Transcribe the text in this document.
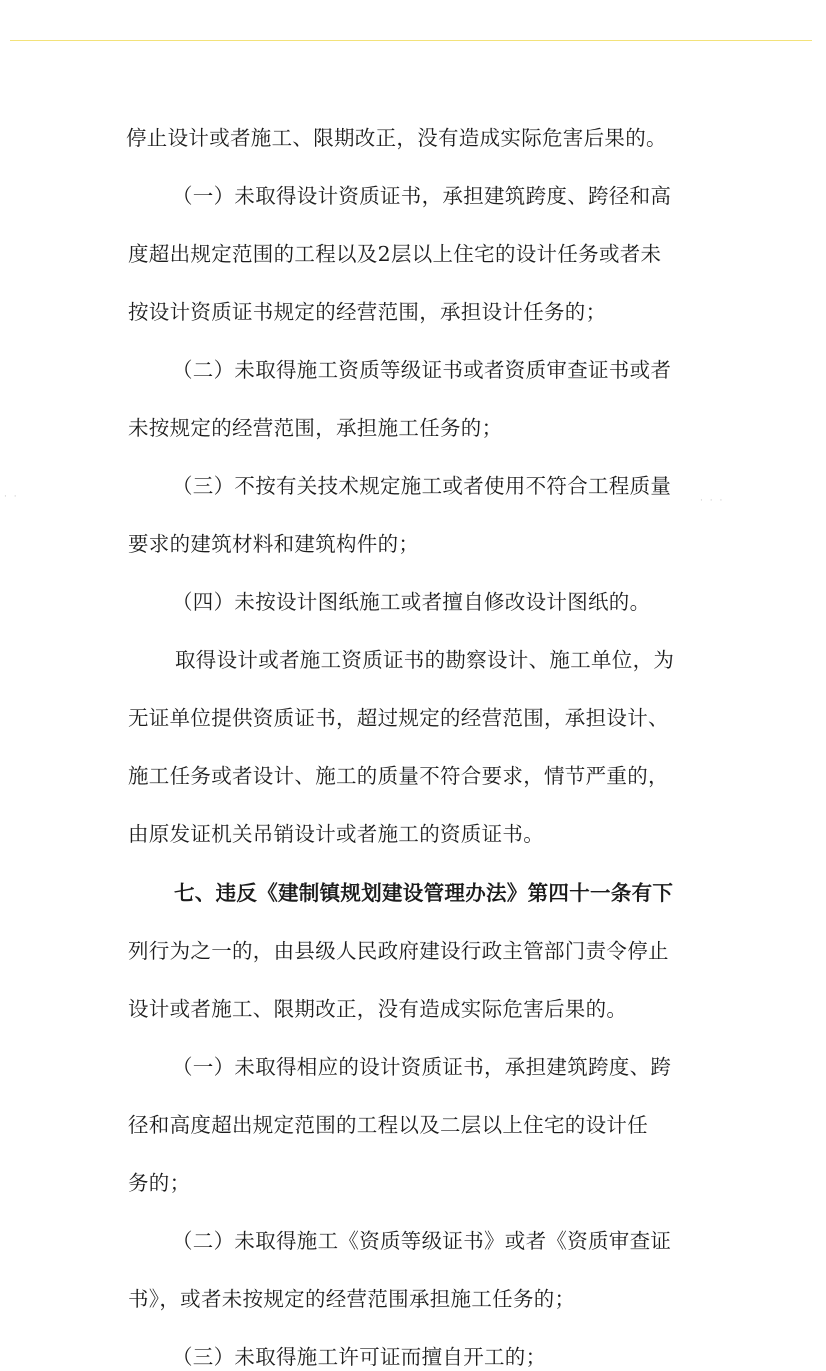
· ·	· · ·

停止设计或者施工、限期改正，没有造成实际危害后果的。

（一）未取得设计资质证书，承担建筑跨度、跨径和高

度超出规定范围的工程以及2层以上住宅的设计任务或者未

按设计资质证书规定的经营范围，承担设计任务的；

（二）未取得施工资质等级证书或者资质审查证书或者

未按规定的经营范围，承担施工任务的；

（三）不按有关技术规定施工或者使用不符合工程质量

要求的建筑材料和建筑构件的；

（四）未按设计图纸施工或者擅自修改设计图纸的。

取得设计或者施工资质证书的勘察设计、施工单位，为

无证单位提供资质证书，超过规定的经营范围，承担设计、

施工任务或者设计、施工的质量不符合要求，情节严重的，

由原发证机关吊销设计或者施工的资质证书。

七、违反《建制镇规划建设管理办法》第四十一条有下

列行为之一的，由县级人民政府建设行政主管部门责令停止

设计或者施工、限期改正，没有造成实际危害后果的。

（一）未取得相应的设计资质证书，承担建筑跨度、跨

径和高度超出规定范围的工程以及二层以上住宅的设计任

务的；

（二）未取得施工《资质等级证书》或者《资质审查证

书》，或者未按规定的经营范围承担施工任务的；

（三）未取得施工许可证而擅自开工的；
